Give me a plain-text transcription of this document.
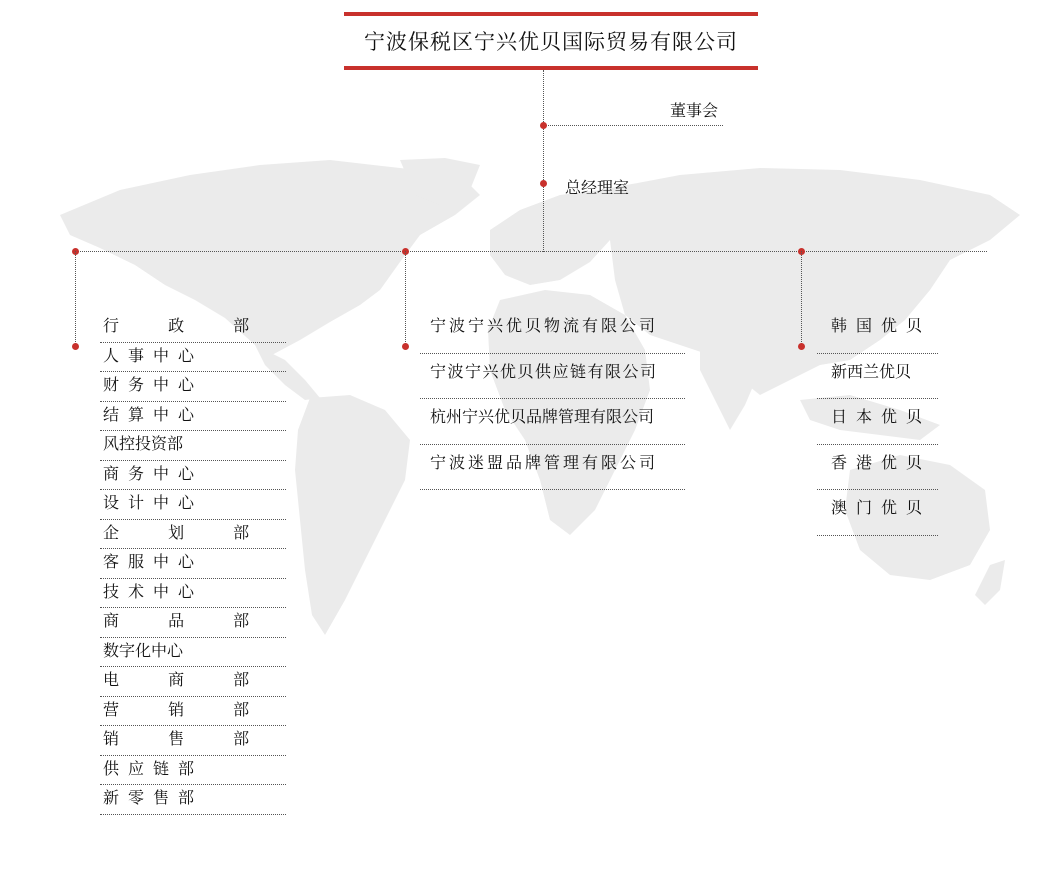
宁波保税区宁兴优贝国际贸易有限公司
董事会
总经理室
行 政 部
人事中心
财务中心
结算中心
风控投资部
商务中心
设计中心
企 划 部
客服中心
技术中心
商 品 部
数字化中心
电 商 部
营 销 部
销 售 部
供应链部
新零售部
宁波宁兴优贝物流有限公司
宁波宁兴优贝供应链有限公司
杭州宁兴优贝品牌管理有限公司
宁波迷盟品牌管理有限公司
韩国优贝
新西兰优贝
日本优贝
香港优贝
澳门优贝
